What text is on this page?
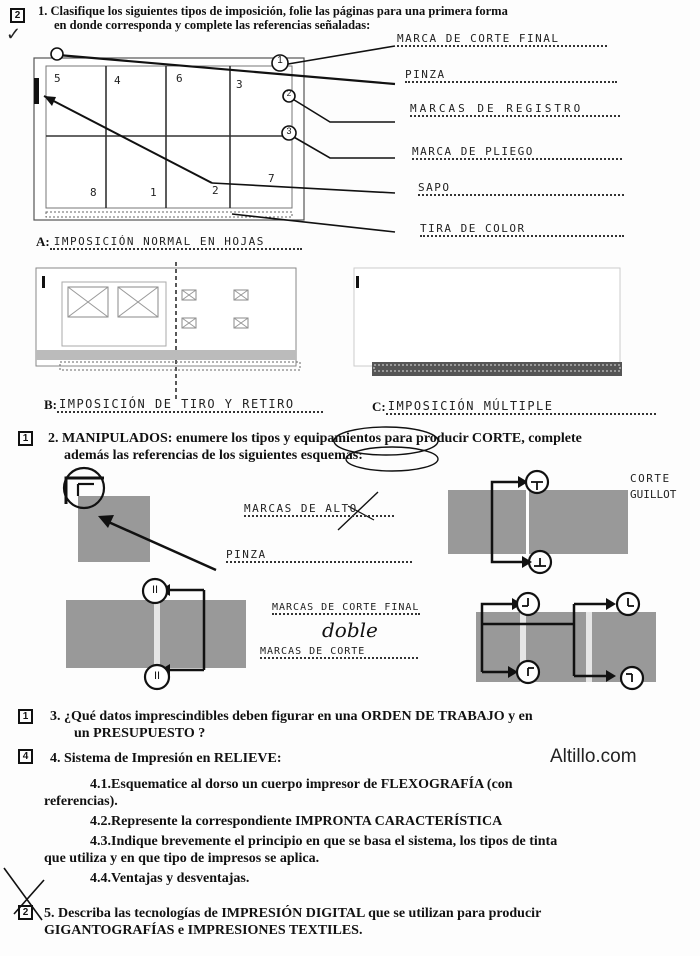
2
✓
1. Clasifique los siguientes tipos de imposición, folie las páginas para una primera forma
en donde corresponda y complete las referencias señaladas:
5	4	6	3
8	1	2
7
1
2
3
MARCA DE CORTE FINAL
PINZA
MARCAS DE REGISTRO
MARCA DE PLIEGO
SAPO
TIRA DE COLOR
A: IMPOSICIÓN NORMAL EN HOJAS
B: IMPOSICIÓN DE TIRO Y RETIRO	C: IMPOSICIÓN MÚLTIPLE
1	2. MANIPULADOS: enumere los tipos y equipamientos para producir CORTE, complete
además las referencias de los siguientes esquemas:
II
II
MARCAS DE ALTO
PINZA
MARCAS DE CORTE FINAL
doble
MARCAS DE CORTE
CORTE
GUILLOT
1	3. ¿Qué datos imprescindibles deben figurar en una ORDEN DE TRABAJO y en
un PRESUPUESTO ?
4	4. Sistema de Impresión en RELIEVE:	Altillo.com
4.1.Esquematice al dorso un cuerpo impresor de FLEXOGRAFÍA (con
referencias).
4.2.Represente la correspondiente IMPRONTA CARACTERÍSTICA
4.3.Indique brevemente el principio en que se basa el sistema, los tipos de tinta
que utiliza y en que tipo de impresos se aplica.
4.4.Ventajas y desventajas.
2	5. Describa las tecnologías de IMPRESIÓN DIGITAL que se utilizan para producir
GIGANTOGRAFÍAS e IMPRESIONES TEXTILES.
